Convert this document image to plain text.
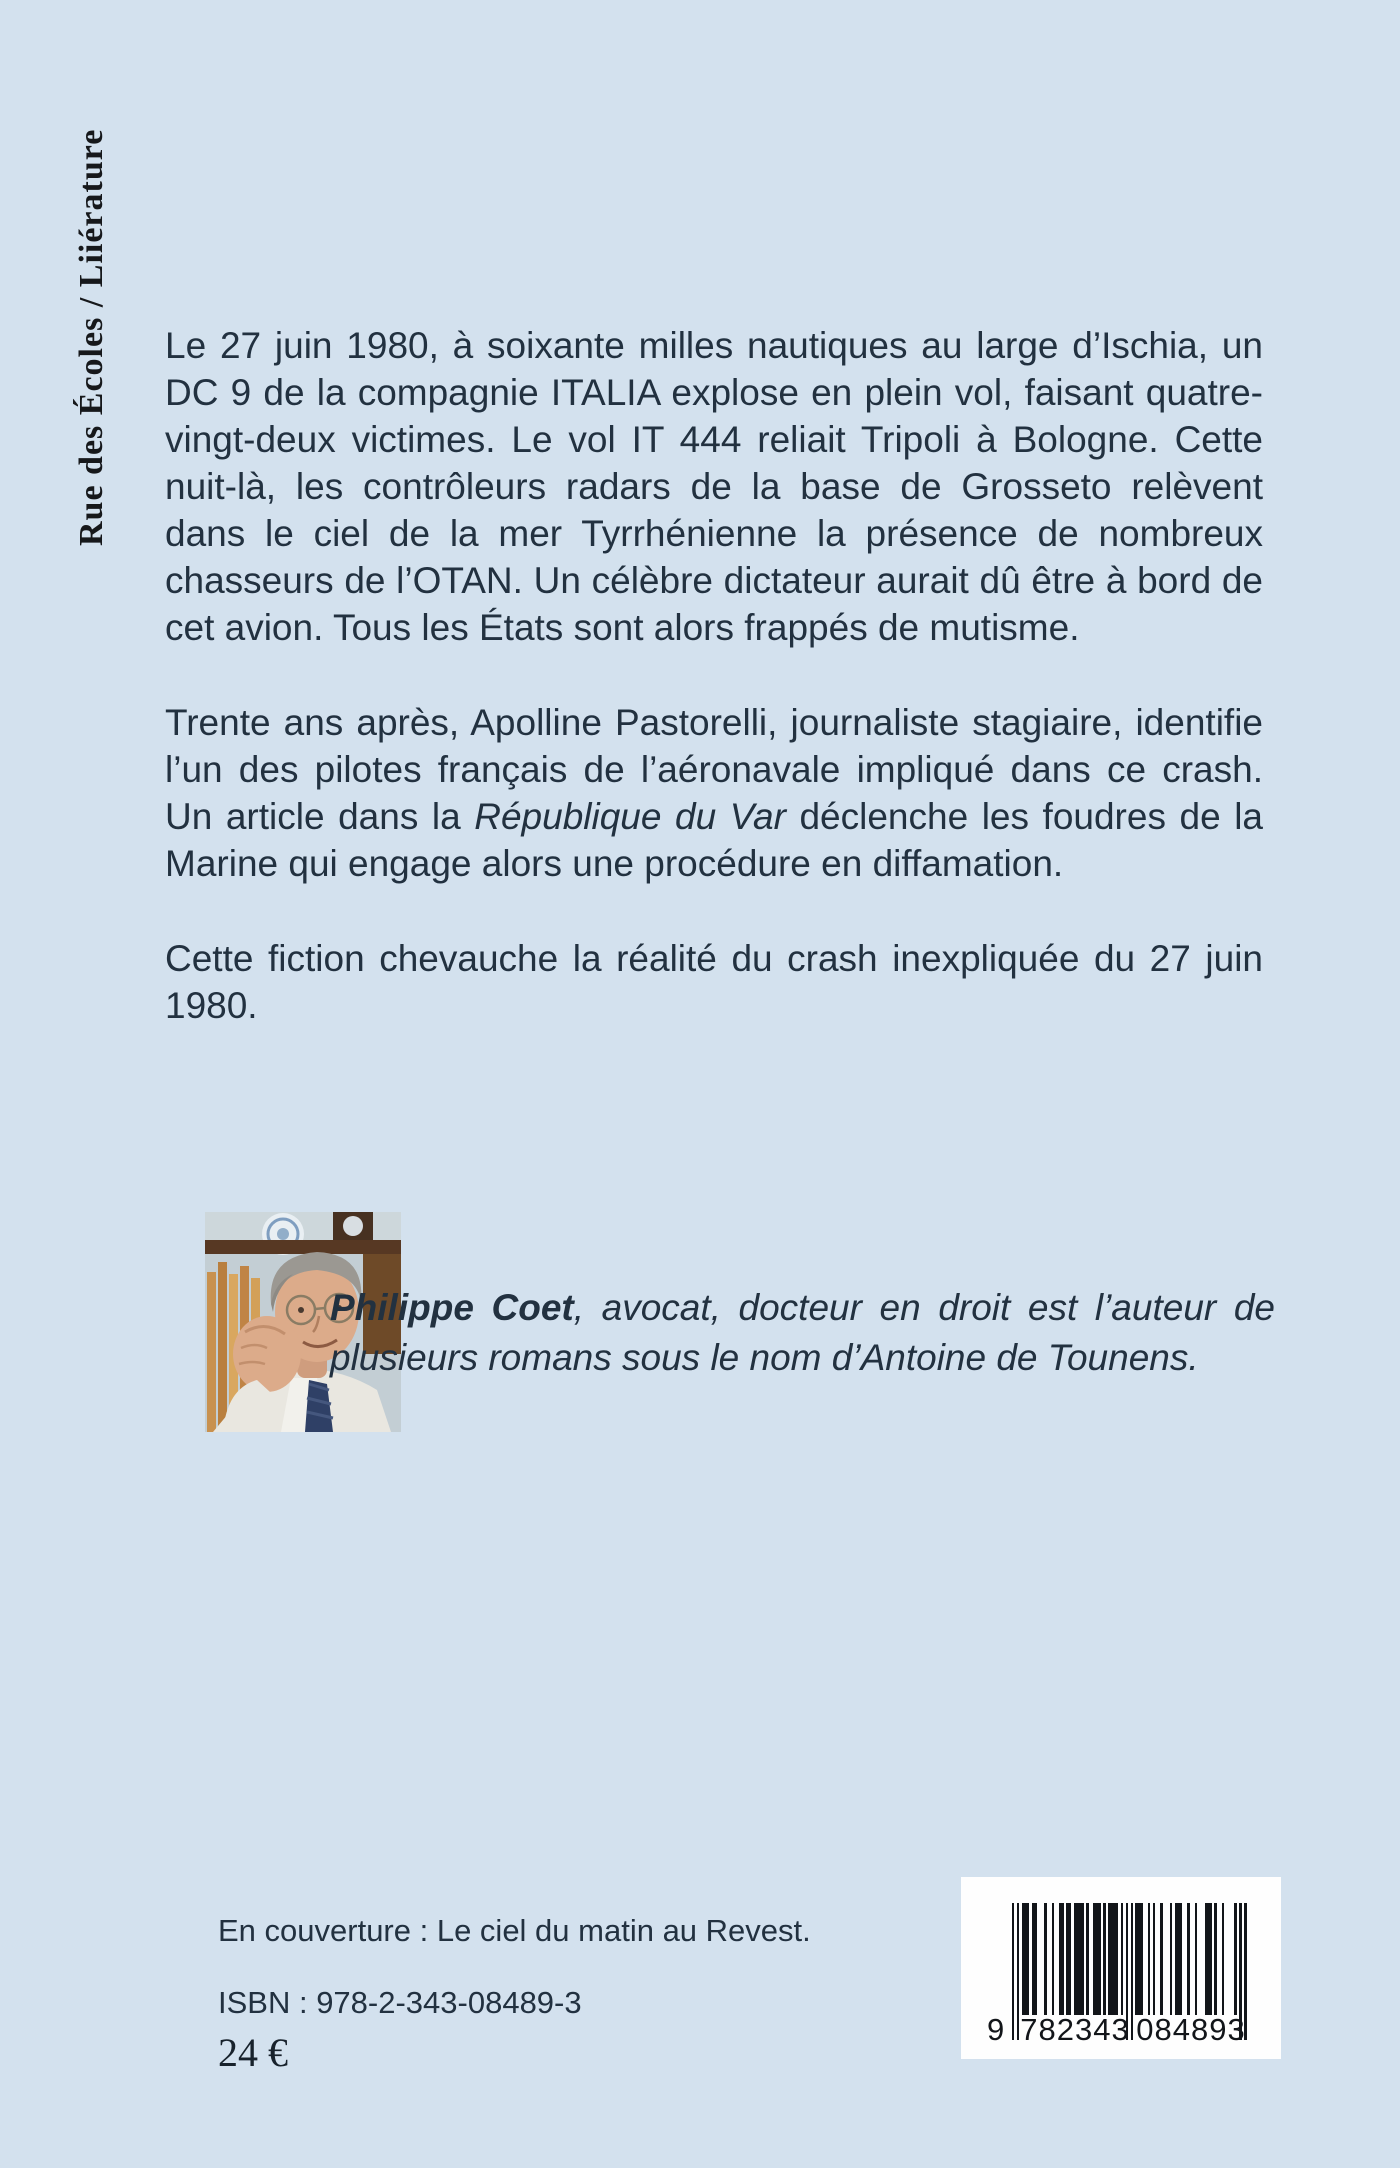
Rue des Écoles / Liiérature Le 27 juin 1980, à soixante milles nautiques au large d’Ischia, un DC 9 de la compagnie ITALIA explose en plein vol, faisant quatre-vingt-deux victimes. Le vol IT 444 reliait Tripoli à Bologne. Cette nuit-là, les contrôleurs radars de la base de Grosseto relèvent dans le ciel de la mer Tyrrhénienne la présence de nombreux chasseurs de l’OTAN. Un célèbre dictateur aurait dû être à bord de cet avion. Tous les États sont alors frappés de mutisme.

Trente ans après, Apolline Pastorelli, journaliste stagiaire, identifie l’un des pilotes français de l’aéronavale impliqué dans ce crash. Un article dans la République du Var déclenche les foudres de la Marine qui engage alors une procédure en diffamation.

Cette fiction chevauche la réalité du crash inexpliquée du 27 juin 1980.

Philippe Coet, avocat, docteur en droit est l’auteur de plusieurs romans sous le nom d’Antoine de Tounens.

En couverture : Le ciel du matin au Revest.

ISBN : 978-2-343-08489-3

24 €

9 782343 084893
